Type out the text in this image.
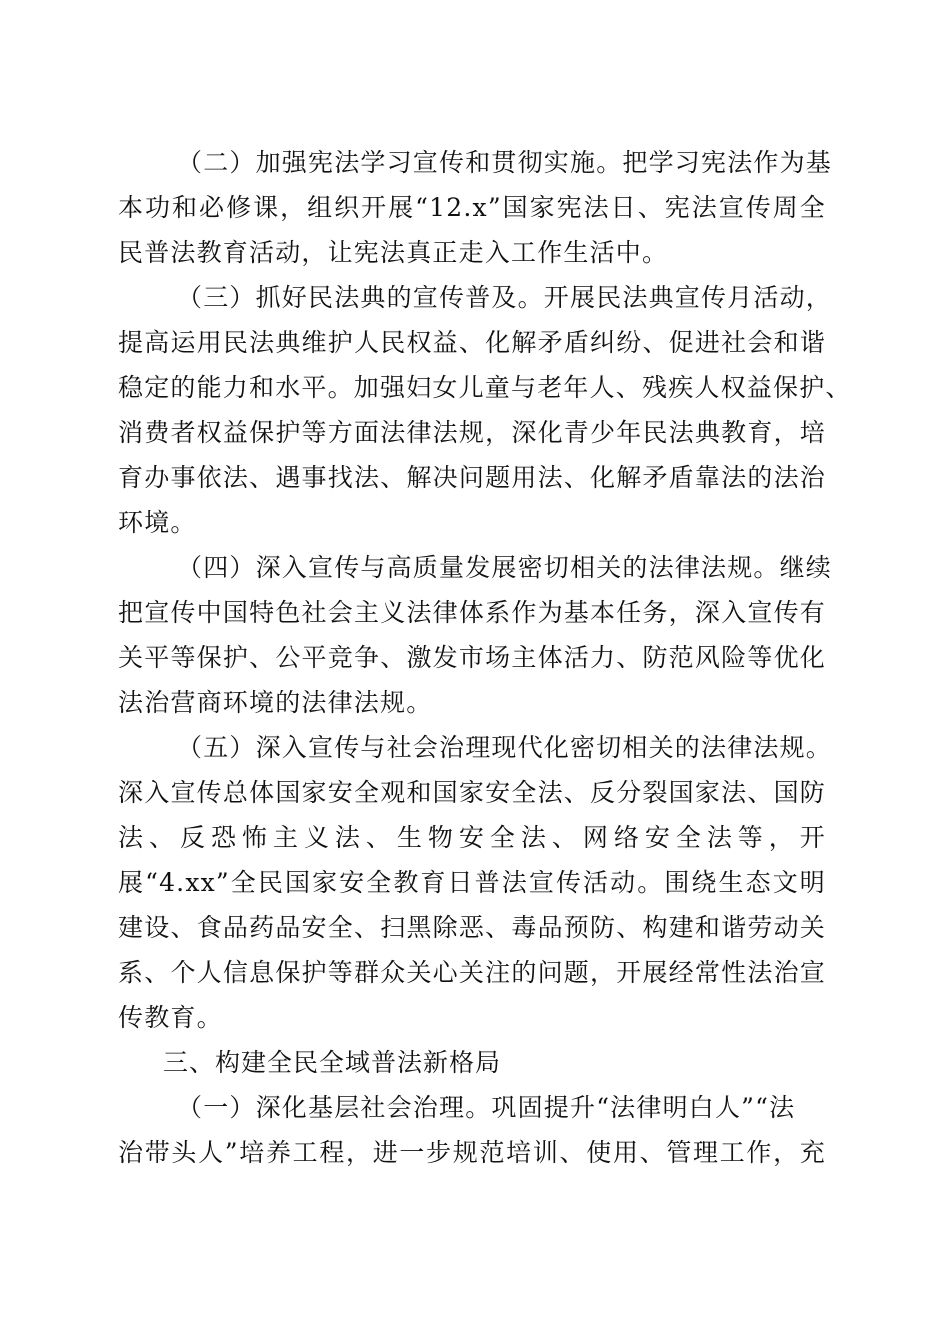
（二）加强宪法学习宣传和贯彻实施。把学习宪法作为基
本功和必修课，组织开展“12.x”国家宪法日、宪法宣传周全
民普法教育活动，让宪法真正走入工作生活中。
（三）抓好民法典的宣传普及。开展民法典宣传月活动，
提高运用民法典维护人民权益、化解矛盾纠纷、促进社会和谐
稳定的能力和水平。加强妇女儿童与老年人、残疾人权益保护、
消费者权益保护等方面法律法规，深化青少年民法典教育，培
育办事依法、遇事找法、解决问题用法、化解矛盾靠法的法治
环境。
（四）深入宣传与高质量发展密切相关的法律法规。继续
把宣传中国特色社会主义法律体系作为基本任务，深入宣传有
关平等保护、公平竞争、激发市场主体活力、防范风险等优化
法治营商环境的法律法规。
（五）深入宣传与社会治理现代化密切相关的法律法规。
深入宣传总体国家安全观和国家安全法、反分裂国家法、国防
法、反恐怖主义法、生物安全法、网络安全法等，开
展“4.xx”全民国家安全教育日普法宣传活动。围绕生态文明
建设、食品药品安全、扫黑除恶、毒品预防、构建和谐劳动关
系、个人信息保护等群众关心关注的问题，开展经常性法治宣
传教育。
三、构建全民全域普法新格局
（一）深化基层社会治理。巩固提升“法律明白人”“法
治带头人”培养工程，进一步规范培训、使用、管理工作，充
